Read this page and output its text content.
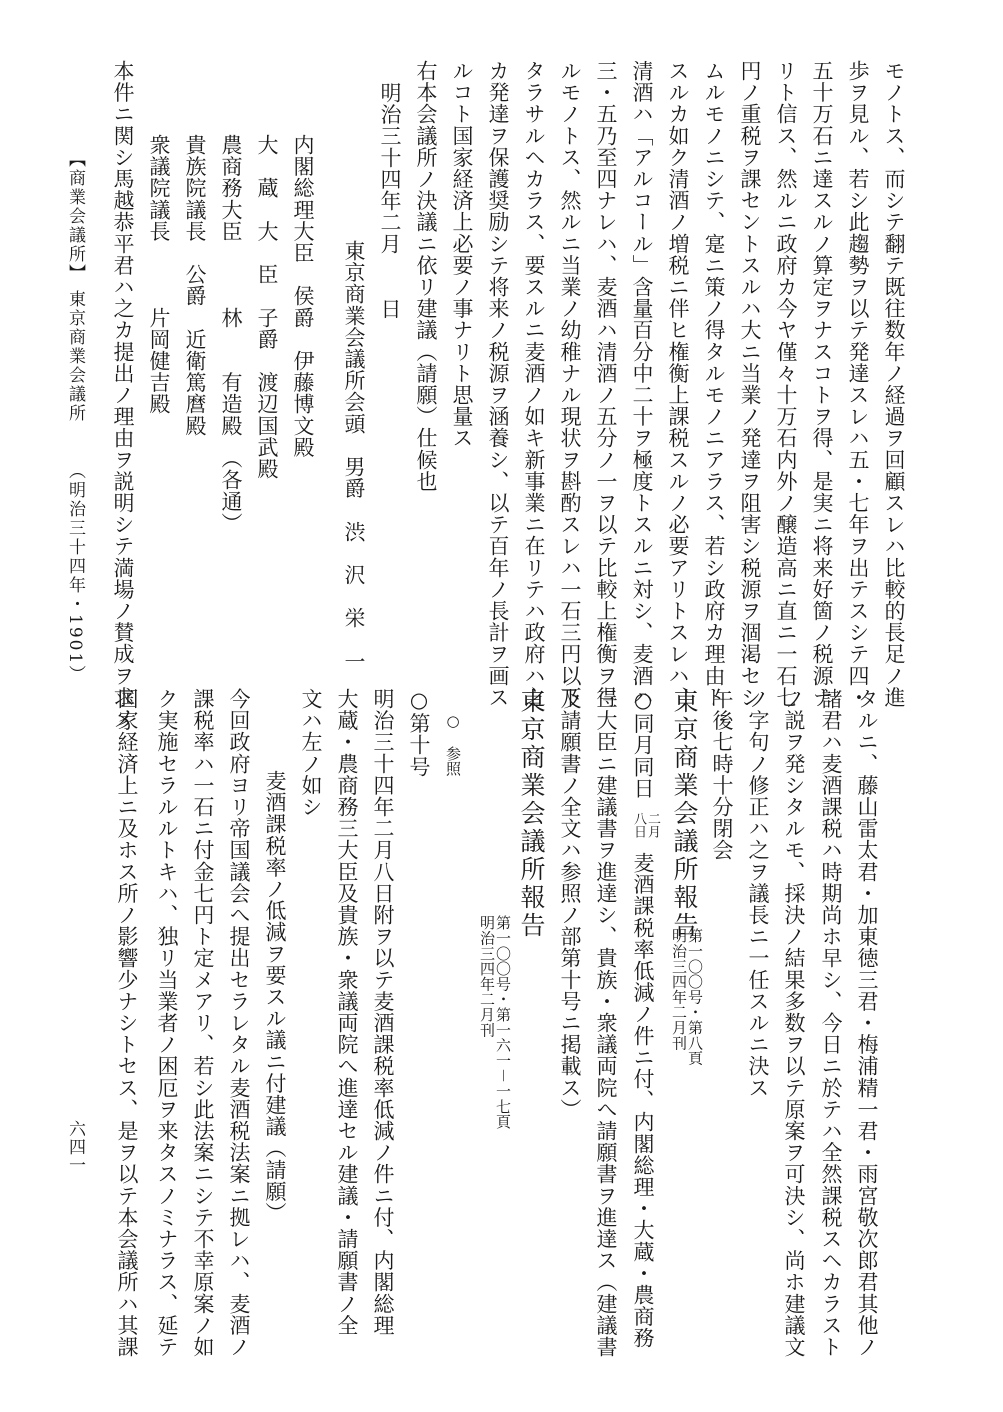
タルニ、藤山雷太君・加東徳三君・梅浦精一君・雨宮敬次郎君其他ノ
諸君ハ麦酒課税ハ時期尚ホ早シ、今日ニ於テハ全然課税スヘカラスト
ノ説ヲ発シタルモ、採決ノ結果多数ヲ以テ原案ヲ可決シ、尚ホ建議文
ノ字句ノ修正ハ之ヲ議長ニ一任スルニ決ス
午後七時十分閉会
東京商業会議所報告
第一〇〇号・第八頁
明治三四年二月刊
○同月同日
二月
八日
麦酒課税率低減ノ件ニ付、内閣総理・大蔵・農商務
三大臣ニ建議書ヲ進達シ、貴族・衆議両院へ請願書ヲ進達ス（建議書
及請願書ノ全文ハ参照ノ部第十号ニ掲載ス）
東京商業会議所報告
第一〇〇号・第一六一－一七頁
明治三四年二月刊
○　参照
○第十号
明治三十四年二月八日附ヲ以テ麦酒課税率低減ノ件ニ付、内閣総理
大蔵・農商務三大臣及貴族・衆議両院へ進達セル建議・請願書ノ全
文ハ左ノ如シ
麦酒課税率ノ低減ヲ要スル議ニ付建議（請願）
今回政府ヨリ帝国議会へ提出セラレタル麦酒税法案ニ拠レハ、麦酒ノ
課税率ハ一石ニ付金七円ト定メアリ、若シ此法案ニシテ不幸原案ノ如
ク実施セラルルトキハ、独リ当業者ノ困厄ヲ来タスノミナラス、延テ
国家経済上ニ及ホス所ノ影響少ナシトセス、是ヲ以テ本会議所ハ其課
モノトス、而シテ翻テ既往数年ノ経過ヲ回顧スレハ比較的長足ノ進
歩ヲ見ル、若シ此趨勢ヲ以テ発達スレハ五・七年ヲ出テスシテ四・
五十万石ニ達スルノ算定ヲナスコトヲ得、是実ニ将来好箇ノ税源ナ
リト信ス、然ルニ政府カ今ヤ僅々十万石内外ノ醸造高ニ直ニ一石七
円ノ重税ヲ課セントスルハ大ニ当業ノ発達ヲ阻害シ税源ヲ涸渇セシ
ムルモノニシテ、寔ニ策ノ得タルモノニアラス、若シ政府カ理由ト
スルカ如ク清酒ノ増税ニ伴ヒ権衡上課税スルノ必要アリトスレハ、
清酒ハ「アルコール」含量百分中二十ヲ極度トスルニ対シ、麦酒ハ
三・五乃至四ナレハ、麦酒ハ清酒ノ五分ノ一ヲ以テ比較上権衡ヲ得
ルモノトス、然ルニ当業ノ幼稚ナル現状ヲ斟酌スレハ一石三円以下
タラサルヘカラス、要スルニ麦酒ノ如キ新事業ニ在リテハ政府ハ之
カ発達ヲ保護奨励シテ将来ノ税源ヲ涵養シ、以テ百年ノ長計ヲ画ス
ルコト国家経済上必要ノ事ナリト思量ス
右本会議所ノ決議ニ依リ建議（請願）仕候也
明治三十四年二月　　日
東京商業会議所会頭　男爵　渋　沢　栄　一
内閣総理大臣　侯爵　伊藤博文殿
大　蔵　大　臣　子爵　渡辺国武殿
農商務大臣　　　林　　有造殿　（各通）
貴族院議長　公爵　近衛篤麿殿
衆議院議長　　　片岡健吉殿
本件ニ関シ馬越恭平君ハ之カ提出ノ理由ヲ説明シテ満場ノ賛成ヲ求メ
【商業会議所】
東京商業会議所
（明治三十四年・1901）
六四一
